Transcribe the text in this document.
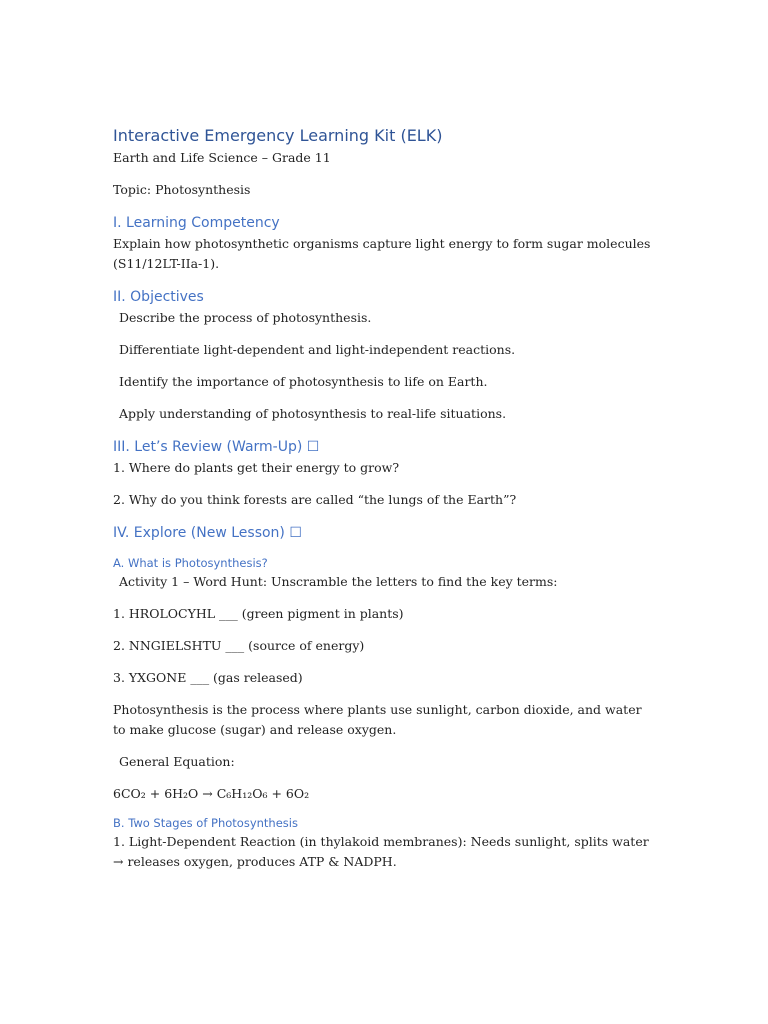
Interactive Emergency Learning Kit (ELK)

Earth and Life Science – Grade 11

Topic: Photosynthesis

I. Learning Competency

Explain how photosynthetic organisms capture light energy to form sugar molecules (S11/12LT-IIa-1).

II. Objectives

Describe the process of photosynthesis.

Differentiate light-dependent and light-independent reactions.

Identify the importance of photosynthesis to life on Earth.

Apply understanding of photosynthesis to real-life situations.

III. Let’s Review (Warm-Up) ☐

1. Where do plants get their energy to grow?

2. Why do you think forests are called “the lungs of the Earth”?

IV. Explore (New Lesson) ☐
A. What is Photosynthesis?

Activity 1 – Word Hunt: Unscramble the letters to find the key terms:

1. HROLOCYHL ___ (green pigment in plants)

2. NNGIELSHTU ___ (source of energy)

3. YXGONE ___ (gas released)

Photosynthesis is the process where plants use sunlight, carbon dioxide, and water to make glucose (sugar) and release oxygen.

General Equation:

6CO₂ + 6H₂O → C₆H₁₂O₆ + 6O₂

B. Two Stages of Photosynthesis

1. Light-Dependent Reaction (in thylakoid membranes): Needs sunlight, splits water → releases oxygen, produces ATP & NADPH.
